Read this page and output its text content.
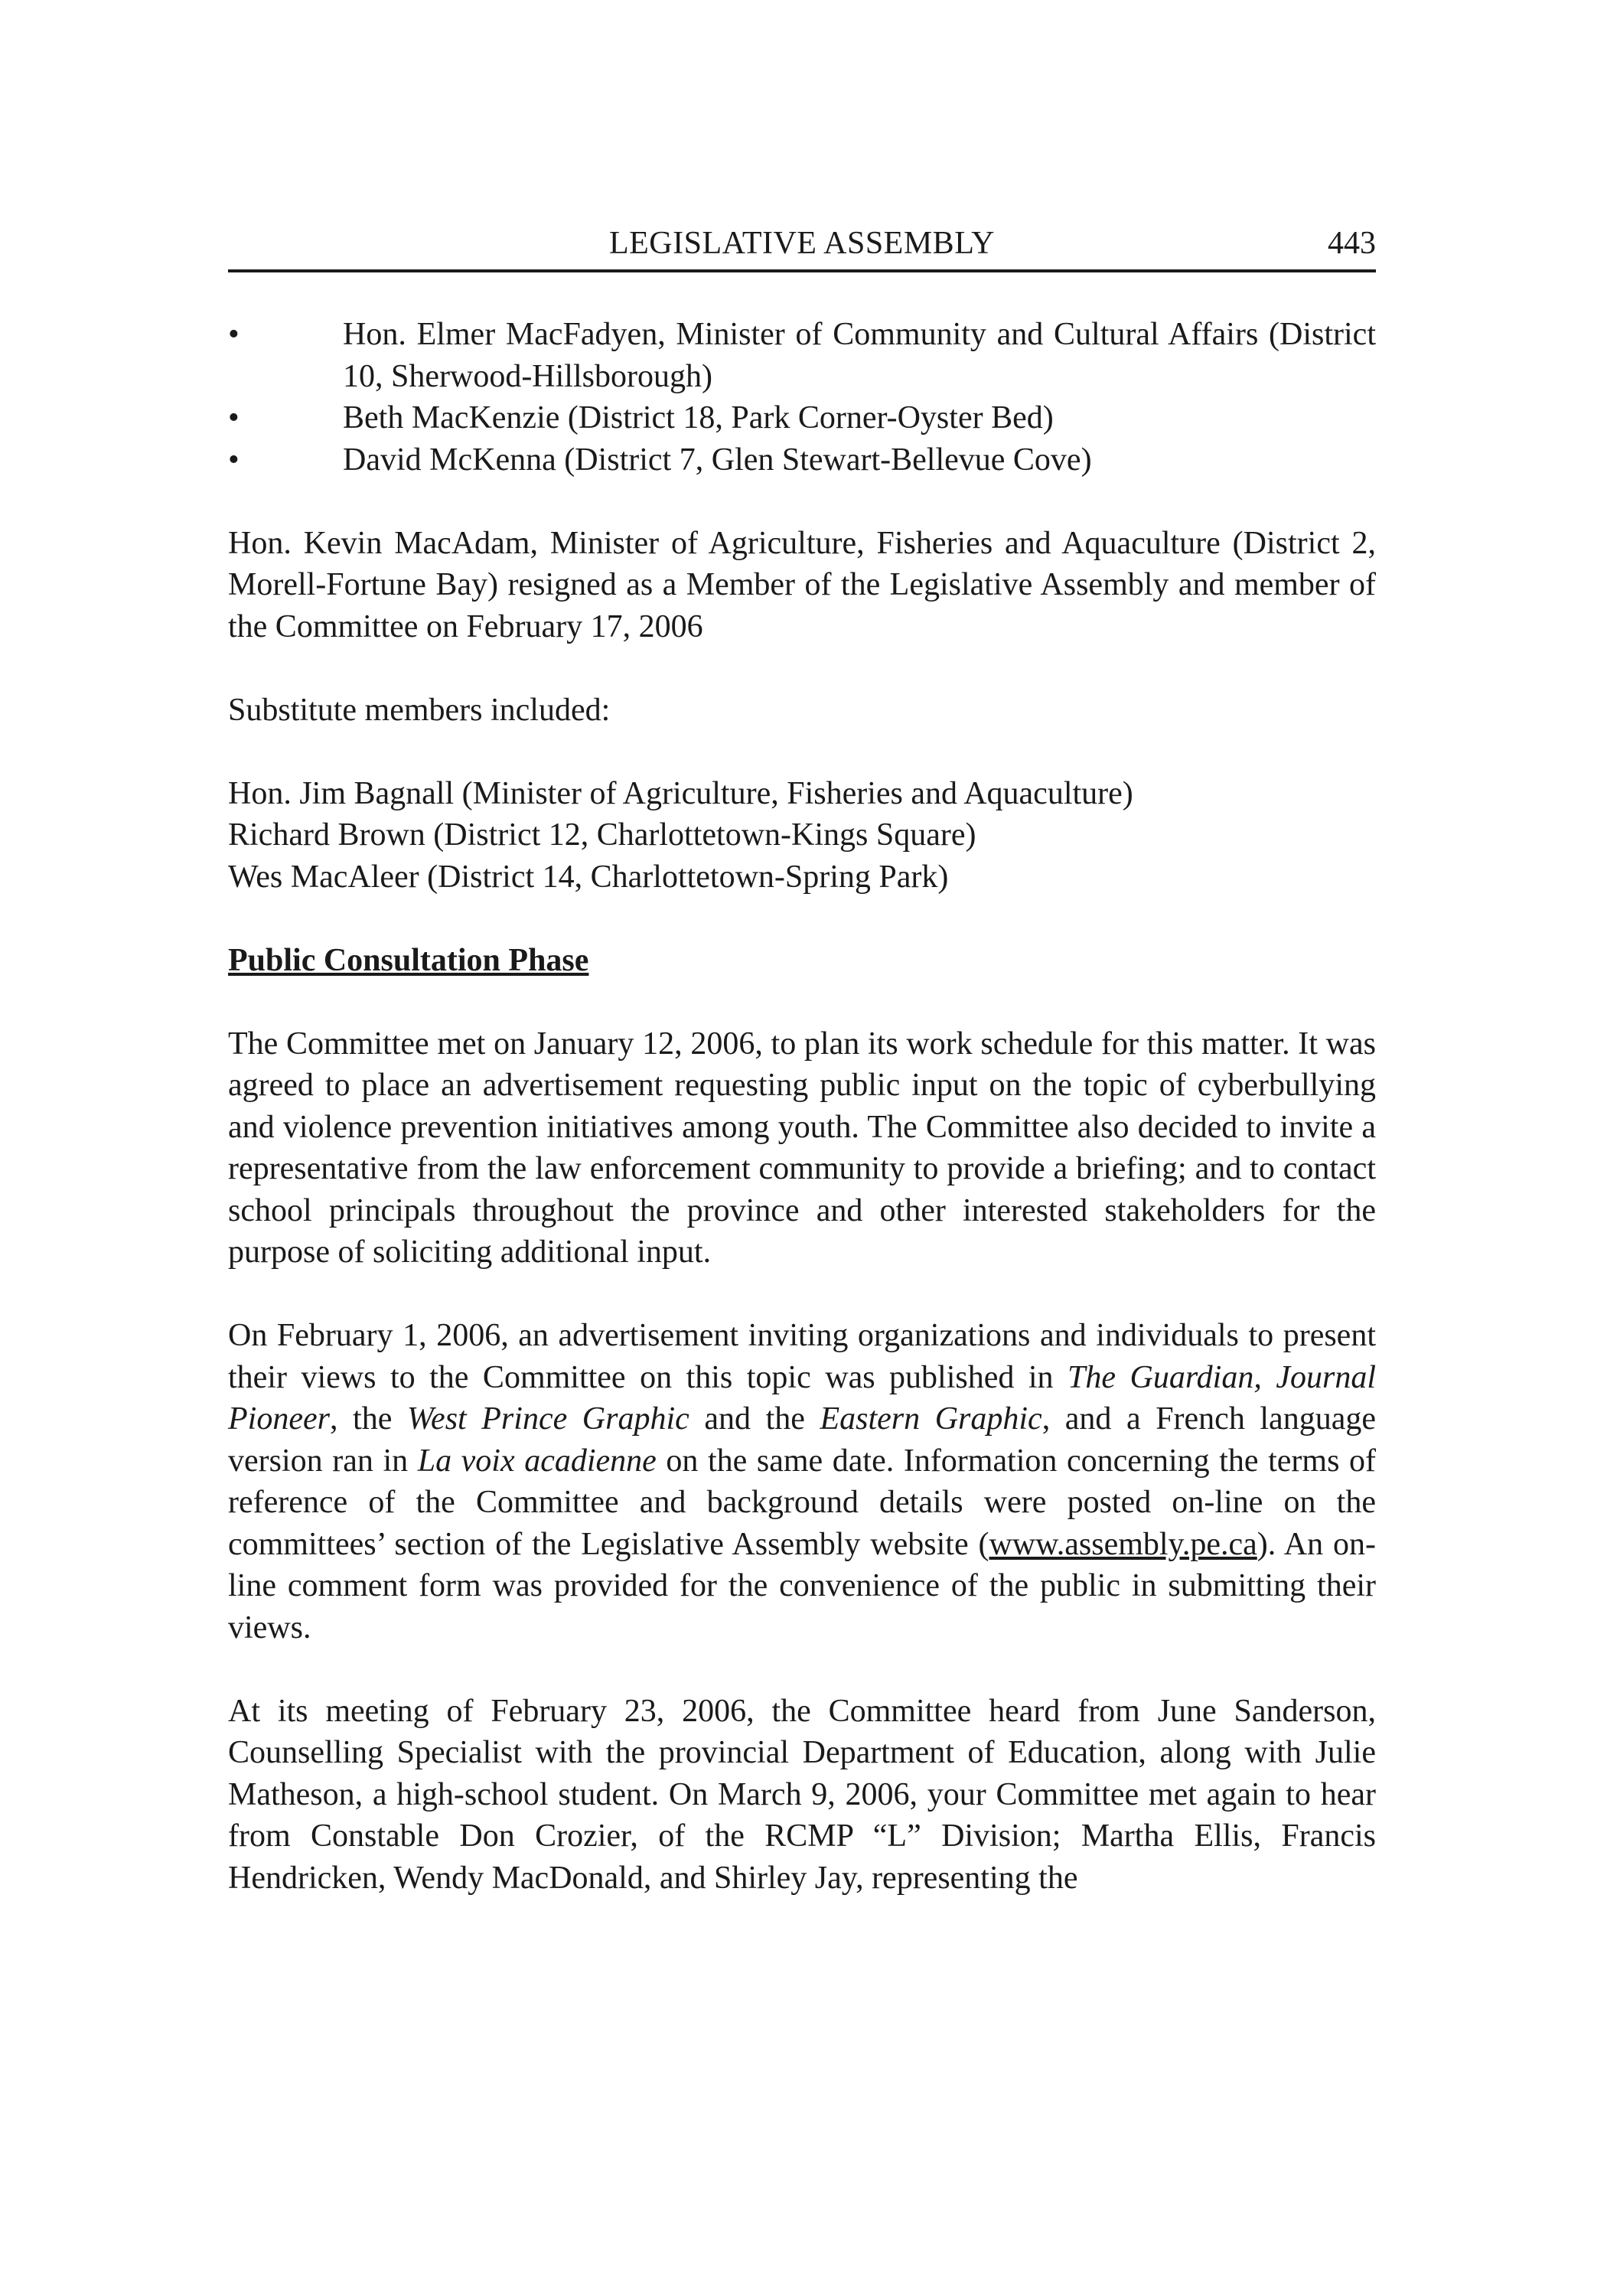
LEGISLATIVE ASSEMBLY	443
•	Hon. Elmer MacFadyen, Minister of Community and Cultural Affairs (District 10, Sherwood-Hillsborough)
•	Beth MacKenzie (District 18, Park Corner-Oyster Bed)
•	David McKenna (District 7, Glen Stewart-Bellevue Cove)

Hon. Kevin MacAdam, Minister of Agriculture, Fisheries and Aquaculture (District 2, Morell-Fortune Bay) resigned as a Member of the Legislative Assembly and member of the Committee on February 17, 2006

Substitute members included:

Hon. Jim Bagnall (Minister of Agriculture, Fisheries and Aquaculture)
Richard Brown (District 12, Charlottetown-Kings Square)
Wes MacAleer (District 14, Charlottetown-Spring Park)

Public Consultation Phase

The Committee met on January 12, 2006, to plan its work schedule for this matter. It was agreed to place an advertisement requesting public input on the topic of cyberbullying and violence prevention initiatives among youth. The Committee also decided to invite a representative from the law enforcement community to provide a briefing; and to contact school principals throughout the province and other interested stakeholders for the purpose of soliciting additional input.

On February 1, 2006, an advertisement inviting organizations and individuals to present their views to the Committee on this topic was published in The Guardian, Journal Pioneer, the West Prince Graphic and the Eastern Graphic, and a French language version ran in La voix acadienne on the same date. Information concerning the terms of reference of the Committee and background details were posted on-line on the committees’ section of the Legislative Assembly website (www.assembly.pe.ca). An on-line comment form was provided for the convenience of the public in submitting their views.

At its meeting of February 23, 2006, the Committee heard from June Sanderson, Counselling Specialist with the provincial Department of Education, along with Julie Matheson, a high-school student. On March 9, 2006, your Committee met again to hear from Constable Don Crozier, of the RCMP “L” Division; Martha Ellis, Francis Hendricken, Wendy MacDonald, and Shirley Jay, representing the
